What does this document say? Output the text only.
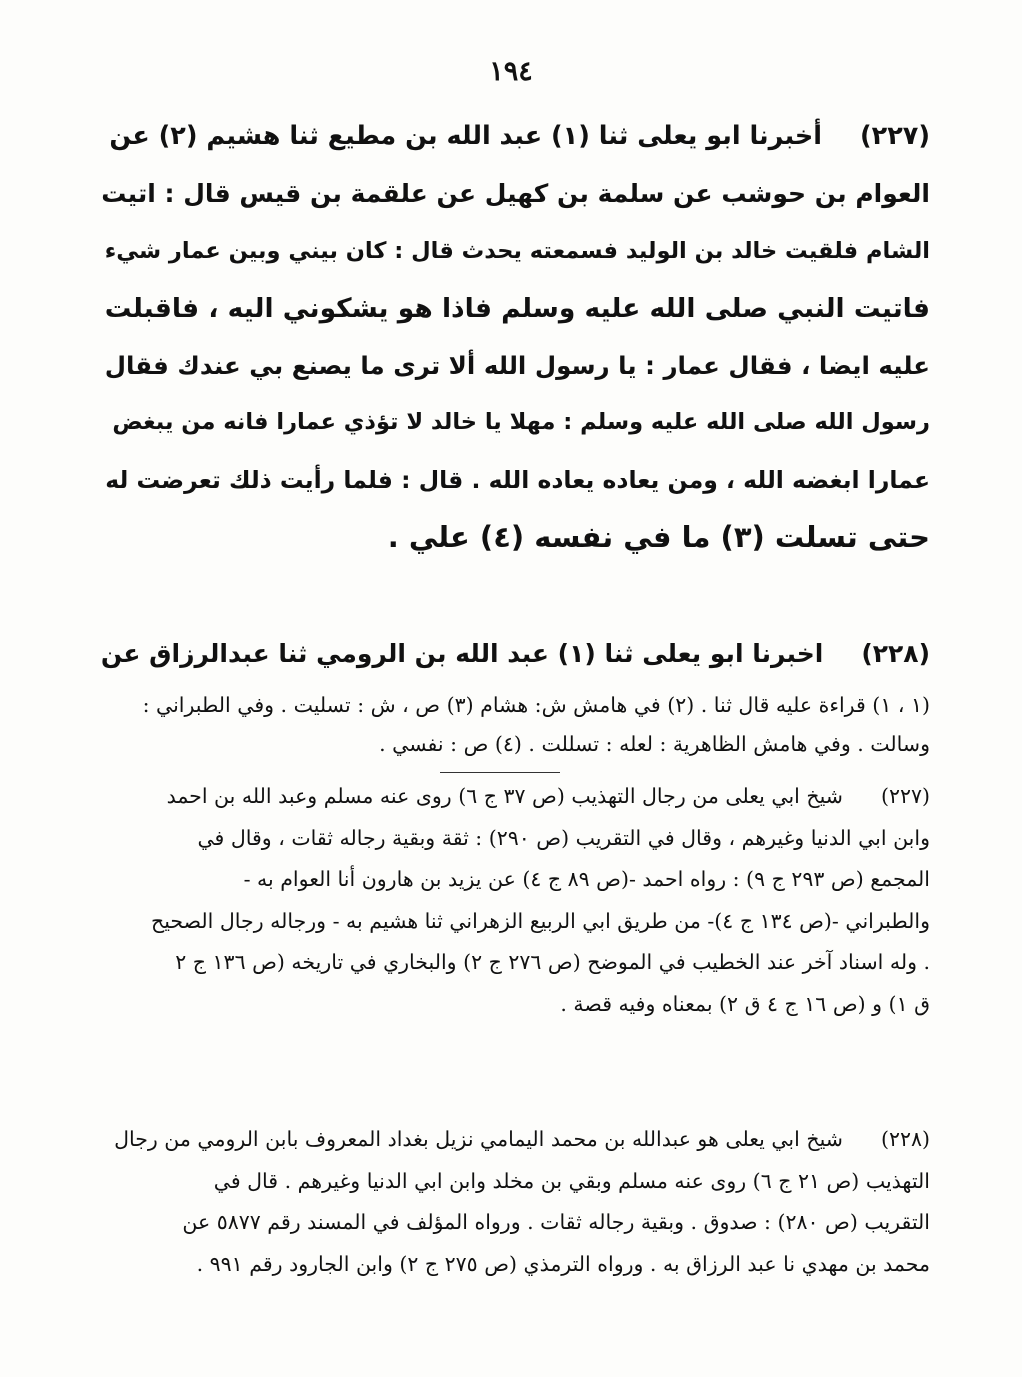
١٩٤
(٢٢٧)أخبرنا ابو يعلى ثنا (١) عبد الله بن مطيع ثنا هشيم (٢) عن
العوام بن حوشب عن سلمة بن كهيل عن علقمة بن قيس قال : اتيت
الشام فلقيت خالد بن الوليد فسمعته يحدث قال : كان بيني وبين عمار شيء
فاتيت النبي صلى الله عليه وسلم فاذا هو يشكوني اليه ، فاقبلت
عليه ايضا ، فقال عمار : يا رسول الله ألا ترى ما يصنع بي عندك فقال
رسول الله صلى الله عليه وسلم : مهلا يا خالد لا تؤذي عمارا فانه من يبغض
عمارا ابغضه الله ، ومن يعاده يعاده الله . قال : فلما رأيت ذلك تعرضت له
حتى تسلت (٣) ما في نفسه (٤) علي .
(٢٢٨)اخبرنا ابو يعلى ثنا (١) عبد الله بن الرومي ثنا عبدالرزاق عن
(١ ، ١) قراءة عليه قال ثنا . (٢) في هامش ش: هشام (٣) ص ، ش : تسليت . وفي الطبراني :
وسالت . وفي هامش الظاهرية : لعله : تسللت . (٤) ص : نفسي .
(٢٢٧)شيخ ابي يعلى من رجال التهذيب (ص ٣٧ ج ٦) روى عنه مسلم وعبد الله بن احمد
وابن ابي الدنيا وغيرهم ، وقال في التقريب (ص ٢٩٠) : ثقة وبقية رجاله ثقات ، وقال في
المجمع (ص ٢٩٣ ج ٩) : رواه احمد -(ص ٨٩ ج ٤) عن يزيد بن هارون أنا العوام به -
والطبراني -(ص ١٣٤ ج ٤)- من طريق ابي الربيع الزهراني ثنا هشيم به - ورجاله رجال الصحيح
. وله اسناد آخر عند الخطيب في الموضح (ص ٢٧٦ ج ٢) والبخاري في تاريخه (ص ١٣٦ ج ٢
ق ١) و (ص ١٦ ج ٤ ق ٢) بمعناه وفيه قصة .
(٢٢٨)شيخ ابي يعلى هو عبدالله بن محمد اليمامي نزيل بغداد المعروف بابن الرومي من رجال
التهذيب (ص ٢١ ج ٦) روى عنه مسلم وبقي بن مخلد وابن ابي الدنيا وغيرهم . قال في
التقريب (ص ٢٨٠) : صدوق . وبقية رجاله ثقات . ورواه المؤلف في المسند رقم ٥٨٧٧ عن
محمد بن مهدي نا عبد الرزاق به . ورواه الترمذي (ص ٢٧٥ ج ٢) وابن الجارود رقم ٩٩١ .
